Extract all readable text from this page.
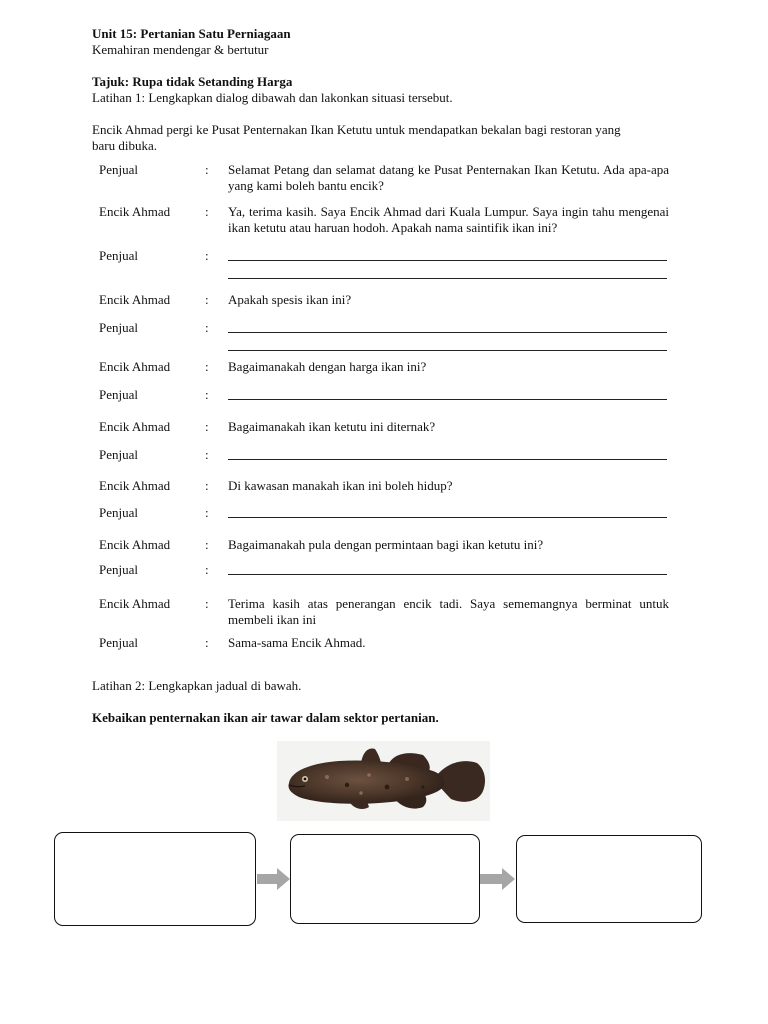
Unit 15: Pertanian Satu Perniagaan
Kemahiran mendengar & bertutur
Tajuk: Rupa tidak Setanding Harga
Latihan 1: Lengkapkan dialog dibawah dan lakonkan situasi tersebut.
Encik Ahmad pergi ke Pusat Penternakan Ikan Ketutu untuk mendapatkan bekalan bagi restoran yang
baru dibuka.
Penjual	:	Selamat Petang dan selamat datang ke Pusat Penternakan Ikan Ketutu. Ada apa-apa yang kami boleh bantu encik?
Encik Ahmad	:	Ya, terima kasih. Saya Encik Ahmad dari Kuala Lumpur. Saya ingin tahu mengenai ikan ketutu atau haruan hodoh. Apakah nama saintifik ikan ini?
Penjual	:
Encik Ahmad	:	Apakah spesis ikan ini?
Penjual	:
Encik Ahmad	:	Bagaimanakah dengan harga ikan ini?
Penjual	:
Encik Ahmad	:	Bagaimanakah ikan ketutu ini diternak?
Penjual	:
Encik Ahmad	:	Di kawasan manakah ikan ini boleh hidup?
Penjual	:
Encik Ahmad	:	Bagaimanakah pula dengan permintaan bagi ikan ketutu ini?
Penjual	:
Encik Ahmad	:	Terima kasih atas penerangan encik tadi. Saya sememangnya berminat untuk membeli ikan ini
Penjual	:	Sama-sama Encik Ahmad.
Latihan 2: Lengkapkan jadual di bawah.
Kebaikan penternakan ikan air tawar dalam sektor pertanian.
